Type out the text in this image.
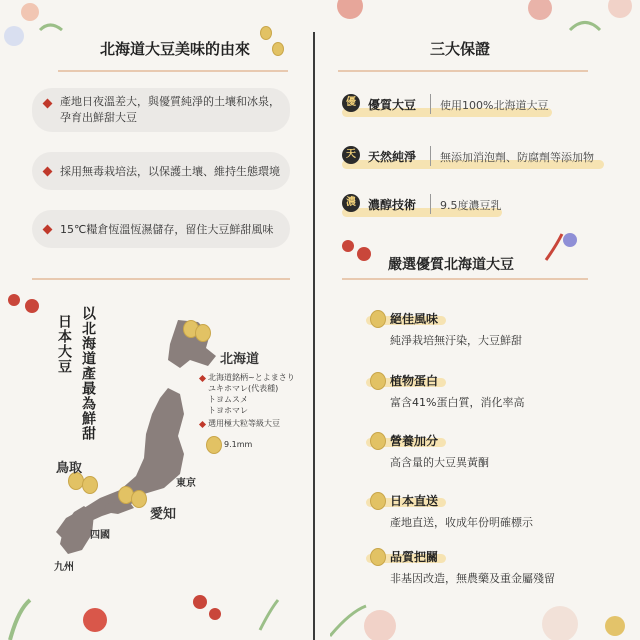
北海道大豆美味的由來
產地日夜溫差大，與優質純淨的土壤和冰泉，
孕育出鮮甜大豆
採用無毒栽培法，以保護土壤、維持生態環境
15℃糧倉恆溫恆濕儲存，留住大豆鮮甜風味
以北海道產最為鮮甜
日本大豆	北海道
北海道銘柄~とよまさり
ユキホマレ(代表種)
トヨムスメ
トヨホマレ
選用極大粒等級大豆
9.1mm
鳥取
東京
愛知
四國
九州
三大保證
優	優質大豆 使用100%北海道大豆
天	天然純淨 無添加消泡劑、防腐劑等添加物
濃	濃醇技術 9.5度濃豆乳
嚴選優質北海道大豆
絕佳風味
純淨栽培無汙染，大豆鮮甜
植物蛋白
富含41%蛋白質，消化率高
營養加分
高含量的大豆異黃酮
日本直送
產地直送，收成年份明確標示
品質把關
非基因改造，無農藥及重金屬殘留
